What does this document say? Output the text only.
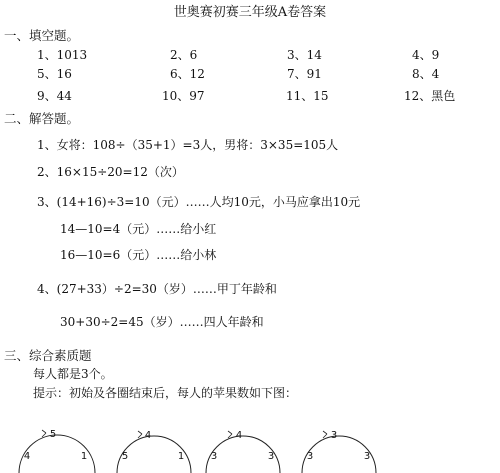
世奥赛初赛三年级A卷答案
一、填空题。
1、1013	2、6	3、14	4、9
5、16	6、12	7、91	8、4
9、44	10、97	11、15	12、黑色
二、解答题。
1、女将：108÷（35+1）=3人，男将：3×35=105人
2、16×15÷20=12（次）
3、(14+16)÷3=10（元）……人均10元，小马应拿出10元
14—10=4（元）……给小红
16—10=6（元）……给小林
4、(27+33）÷2=30（岁）……甲丁年龄和
30+30÷2=45（岁）……四人年龄和
三、综合素质题
每人都是3个。
提示：初始及各圈结束后，每人的苹果数如下图：
5
4	1
4
5	1
4
3	3
3
3	3
